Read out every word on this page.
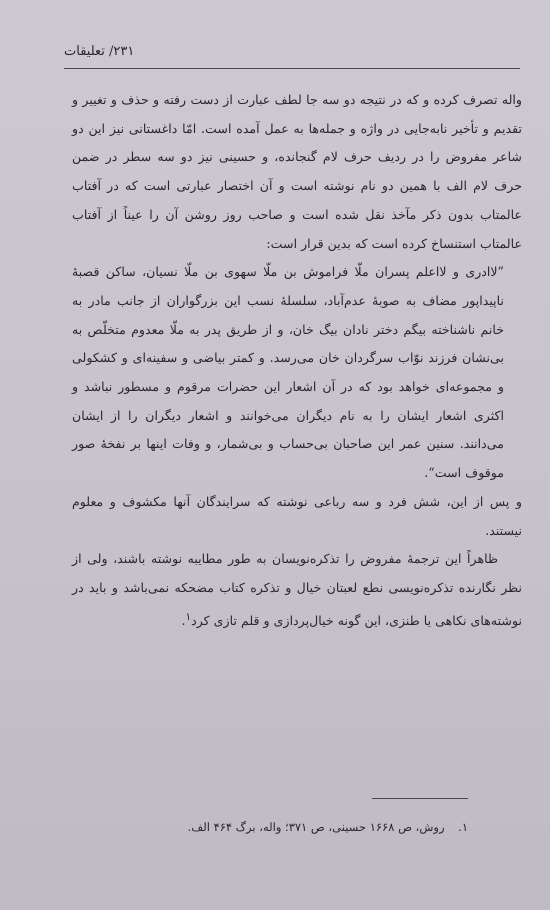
۲۳۱/ تعلیقات

واله تصرف کرده و که در نتیجه دو سه جا لطف عبارت از دست رفته و حذف و تغییر و تقدیم و تأخیر نابه‌جایی در واژه و جمله‌ها به عمل آمده است. امّا داغستانی نیز این دو شاعر مفروض را در ردیف حرف لام گنجانده، و حسینی نیز دو سه سطر در ضمن حرف لام الف با همین دو نام نوشته است و آن اختصار عبارتی است که در آفتاب عالمتاب بدون ذکر مآخذ نقل شده است و صاحب روز روشن آن را عیناً از آفتاب عالمتاب استنساخ کرده است که بدین قرار است:

”لاادری و لااعلم پسران ملّا فراموش بن ملّا سهوی بن ملّا نسیان، ساکن قصبهٔ ناپیداپور مضاف به صوبهٔ عدم‌آباد، سلسلهٔ نسب این بزرگواران از جانب مادر به خانم ناشناخته بیگم دختر نادان بیگ خان، و از طریق پدر به ملّا معدوم متخلّص به بی‌نشان فرزند نوّاب سرگردان خان می‌رسد. و کمتر بیاضی و سفینه‌ای و کشکولی و مجموعه‌ای خواهد بود که در آن اشعار این حضرات مرقوم و مسطور نباشد و اکثری اشعار ایشان را به نام دیگران می‌خوانند و اشعار دیگران را از ایشان می‌دانند. سنین عمر این صاحبان بی‌حساب و بی‌شمار، و وفات اینها بر نفخهٔ صور موقوف است“.

و پس از این، شش فرد و سه رباعی نوشته که سرایندگان آنها مکشوف و معلوم نیستند.

ظاهراً این ترجمهٔ مفروض را تذکره‌نویسان به طور مطایبه نوشته باشند، ولی از نظر نگارنده تذکره‌نویسی نطع لعبتان خیال و تذکره کتاب مضحکه نمی‌باشد و باید در نوشته‌های نکاهی یا طنزی، این گونه خیال‌پردازی و قلم تازی کرد$^۱$.

۱. روش، ص ۱۶۶۸ حسینی، ص ۳۷۱؛ واله، برگ ۴۶۴ الف.
